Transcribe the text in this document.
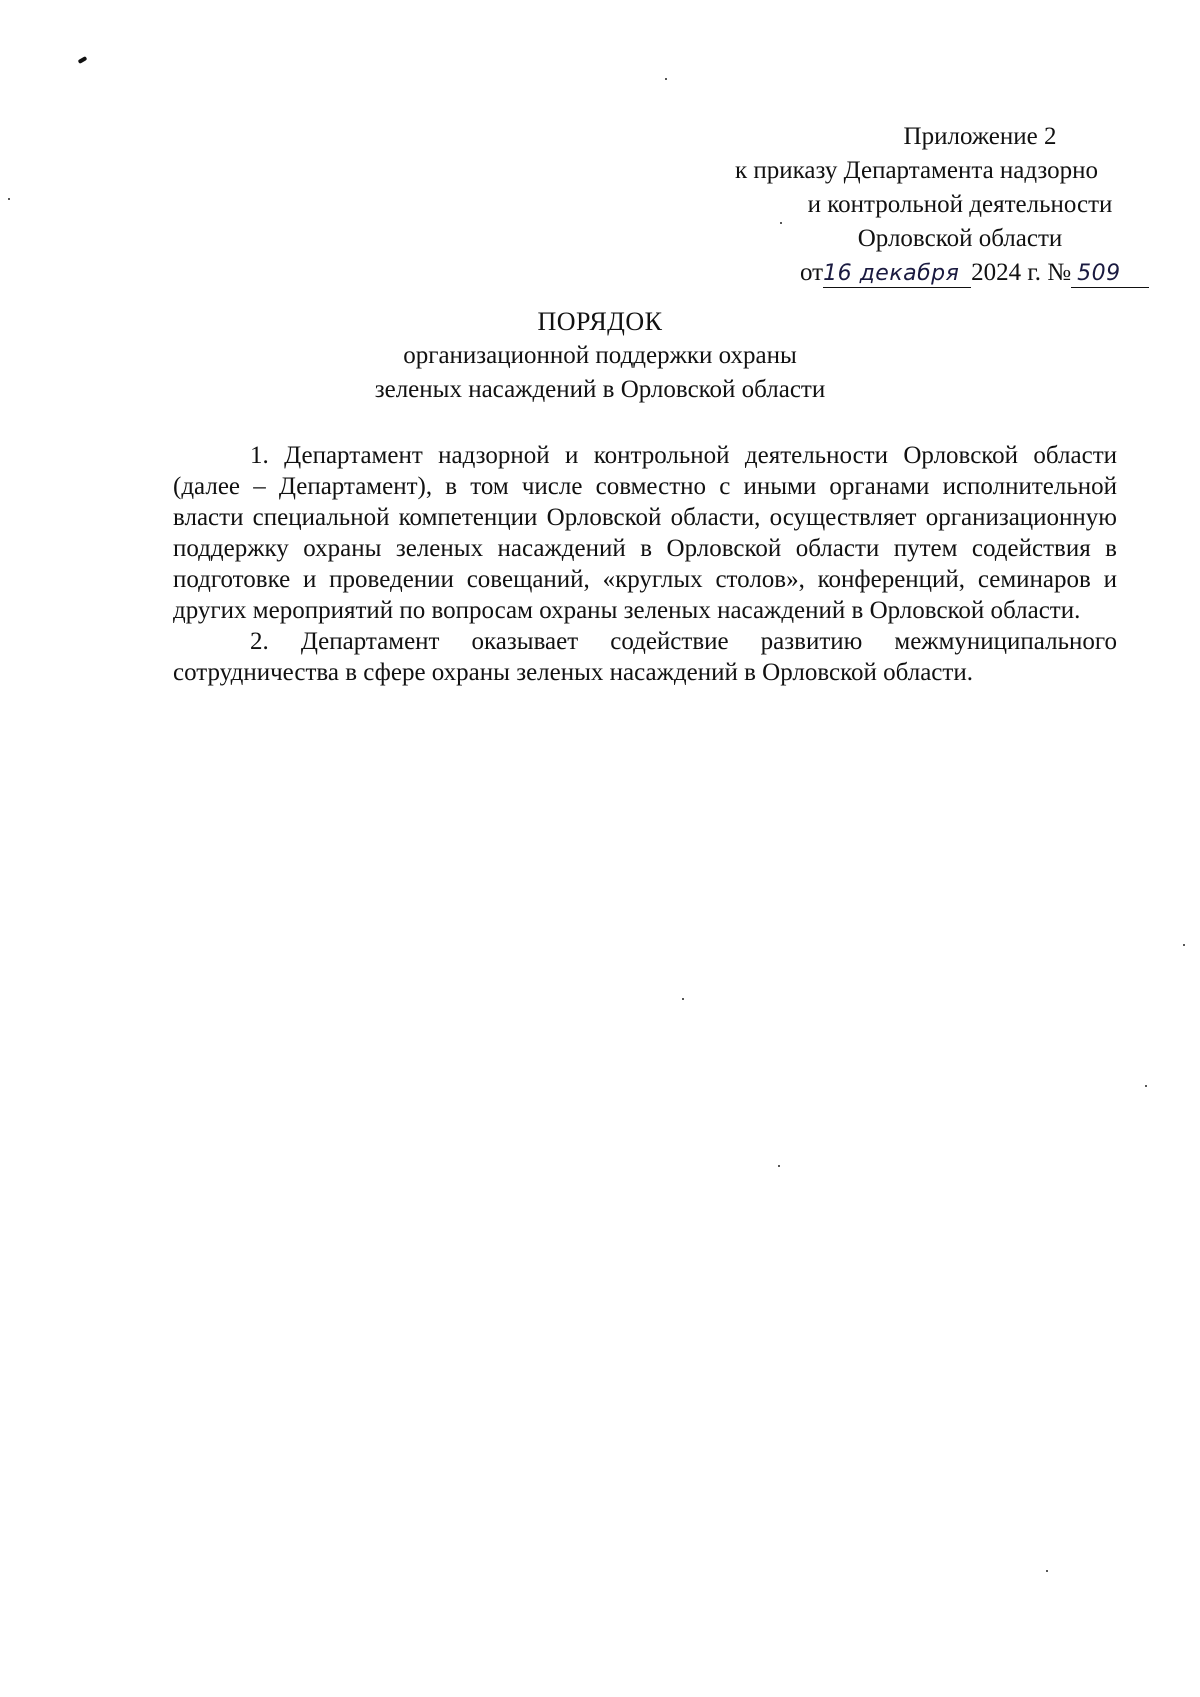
Приложение 2
к приказу Департамента надзорно
и контрольной деятельности
Орловской области
от16 декабря 2024 г. № 509
ПОРЯДОК
организационной поддержки охраны
зеленых насаждений в Орловской области

1. Департамент надзорной и контрольной деятельности Орловской области (далее – Департамент), в том числе совместно с иными органами исполнительной власти специальной компетенции Орловской области, осуществляет организационную поддержку охраны зеленых насаждений в Орловской области путем содействия в подготовке и проведении совещаний, «круглых столов», конференций, семинаров и других мероприятий по вопросам охраны зеленых насаждений в Орловской области.

2. Департамент оказывает содействие развитию межмуниципального сотрудничества в сфере охраны зеленых насаждений в Орловской области.
